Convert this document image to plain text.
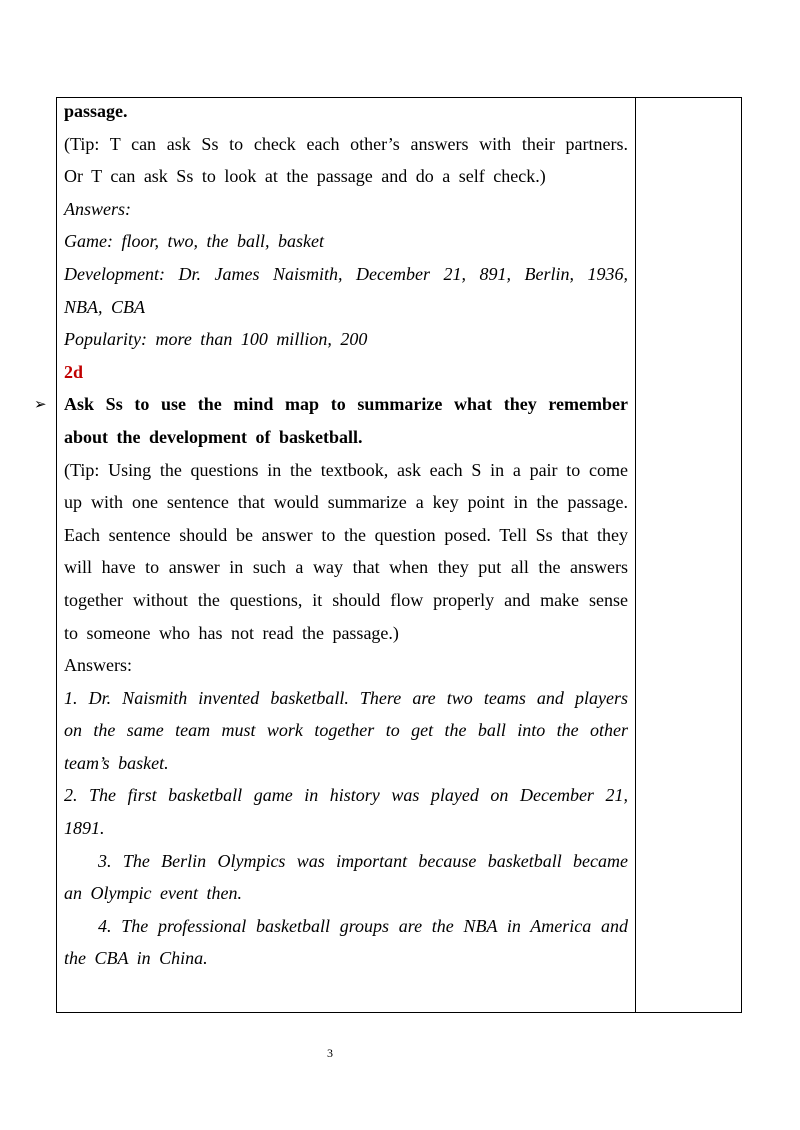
passage.

(Tip: T can ask Ss to check each other’s answers with their partners. Or T can ask Ss to look at the passage and do a self check.)

Answers:

Game: floor, two, the ball, basket

Development: Dr. James Naismith, December 21, 891, Berlin, 1936, NBA, CBA

Popularity: more than 100 million, 200

2d

➢ Ask Ss to use the mind map to summarize what they remember about the development of basketball.

(Tip: Using the questions in the textbook, ask each S in a pair to come up with one sentence that would summarize a key point in the passage. Each sentence should be answer to the question posed. Tell Ss that they will have to answer in such a way that when they put all the answers together without the questions, it should flow properly and make sense to someone who has not read the passage.)

Answers:

1. Dr. Naismith invented basketball. There are two teams and players on the same team must work together to get the ball into the other team’s basket.

2. The first basketball game in history was played on December 21, 1891.

3. The Berlin Olympics was important because basketball became an Olympic event then.

4. The professional basketball groups are the NBA in America and the CBA in China.

3
